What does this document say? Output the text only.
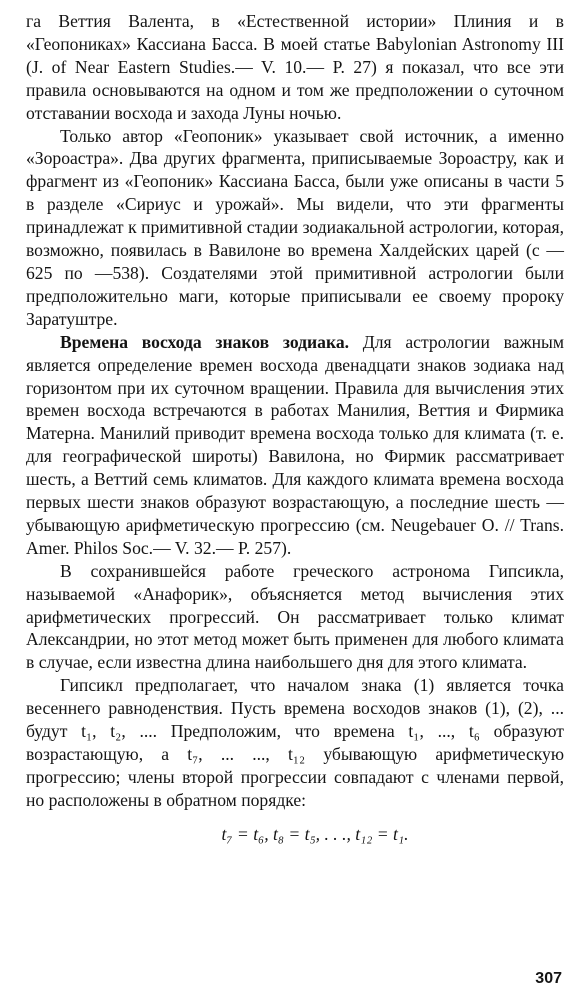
га Веттия Валента, в «Естественной истории» Плиния и в «Геопониках» Кассиана Басса. В моей статье Babylonian Astronomy III (J. of Near Eastern Studies.— V. 10.— P. 27) я показал, что все эти правила основываются на одном и том же предположении о суточном отставании восхода и захода Луны ночью.

Только автор «Геопоник» указывает свой источник, а именно «Зороастра». Два других фрагмента, приписываемые Зороастру, как и фрагмент из «Геопоник» Кассиана Басса, были уже описаны в части 5 в разделе «Сириус и урожай». Мы видели, что эти фрагменты принадлежат к примитивной стадии зодиакальной астрологии, которая, возможно, появилась в Вавилоне во времена Халдейских царей (с —625 по —538). Создателями этой примитивной астрологии были предположительно маги, которые приписывали ее своему пророку Заратуштре.

Времена восхода знаков зодиака. Для астрологии важным является определение времен восхода двенадцати знаков зодиака над горизонтом при их суточном вращении. Правила для вычисления этих времен восхода встречаются в работах Манилия, Веттия и Фирмика Матерна. Манилий приводит времена восхода только для климата (т. е. для географической широты) Вавилона, но Фирмик рассматривает шесть, а Веттий семь климатов. Для каждого климата времена восхода первых шести знаков образуют возрастающую, а последние шесть — убывающую арифметическую прогрессию (см. Neugebauer O. // Trans. Amer. Philos Soc.— V. 32.— P. 257).

В сохранившейся работе греческого астронома Гипсикла, называемой «Анафорик», объясняется метод вычисления этих арифметических прогрессий. Он рассматривает только климат Александрии, но этот метод может быть применен для любого климата в случае, если известна длина наибольшего дня для этого климата.

Гипсикл предполагает, что началом знака (1) является точка весеннего равноденствия. Пусть времена восходов знаков (1), (2), ... будут t₁, t₂, .... Предположим, что времена t₁, ..., t₆ образуют возрастающую, а t₇, ... ..., t₁₂ убывающую арифметическую прогрессию; члены второй прогрессии совпадают с членами первой, но расположены в обратном порядке:

t₇ = t₆, t₈ = t₅, . . ., t₁₂ = t₁.
307
